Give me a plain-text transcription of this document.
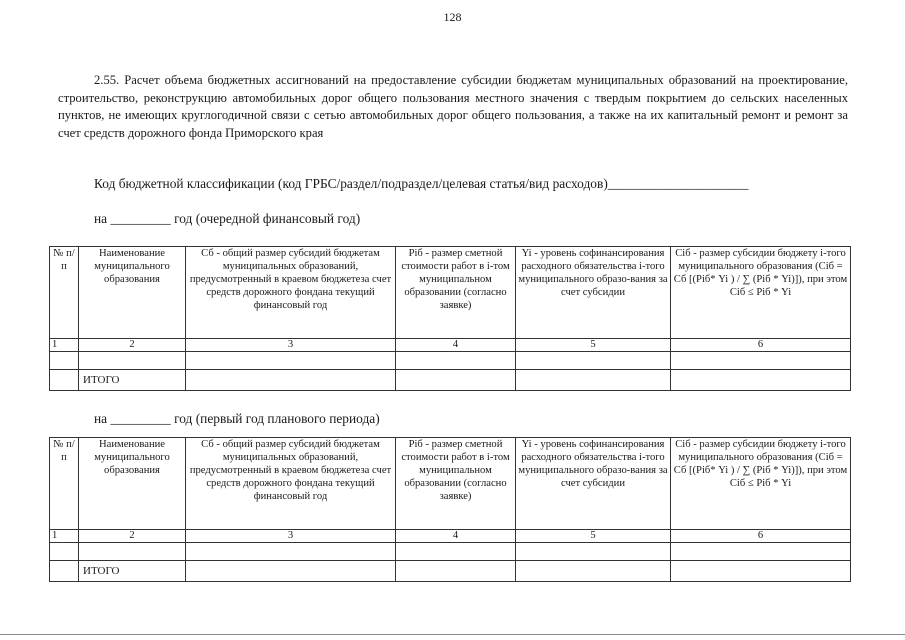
128

2.55. Расчет объема бюджетных ассигнований на предоставление субсидии бюджетам муниципальных образований на проектирование, строительство, реконструкцию автомобильных дорог общего пользования местного значения с твердым покрытием до сельских населенных пунктов, не имеющих круглогодичной связи с сетью автомобильных дорог общего пользования, а также на их капитальный ремонт и ремонт за счет средств дорожного фонда Приморского края

Код бюджетной классификации (код ГРБС/раздел/подраздел/целевая статья/вид расходов)_____________________
на _________ год (очередной финансовый год)
№ п/п	Наименование муниципального образования	Сб - общий размер субсидий бюджетам муниципальных образований, предусмотренный в краевом бюджетеза счет средств дорожного фондана текущий финансовый год	Piб - размер сметной стоимости работ в i-том муниципальном образовании (согласно заявке)	Yi - уровень софинансирования расходного обязательства i-того муниципального образо-вания за счет субсидии	Ciб - размер субсидии бюджету i-того муниципального образования (Ciб = Сб [(Piб* Yi ) / ∑ (Piб * Yi)]), при этом Ciб ≤ Piб * Yi
1	2	3	4	5	6

	ИТОГО				
на _________ год (первый год планового периода)
№ п/п	Наименование муниципального образования	Сб - общий размер субсидий бюджетам муниципальных образований, предусмотренный в краевом бюджетеза счет средств дорожного фондана текущий финансовый год	Piб - размер сметной стоимости работ в i-том муниципальном образовании (согласно заявке)	Yi - уровень софинансирования расходного обязательства i-того муниципального образо-вания за счет субсидии	Ciб - размер субсидии бюджету i-того муниципального образования (Ciб = Сб [(Piб* Yi ) / ∑ (Piб * Yi)]), при этом Ciб ≤ Piб * Yi
1	2	3	4	5	6

	ИТОГО				
